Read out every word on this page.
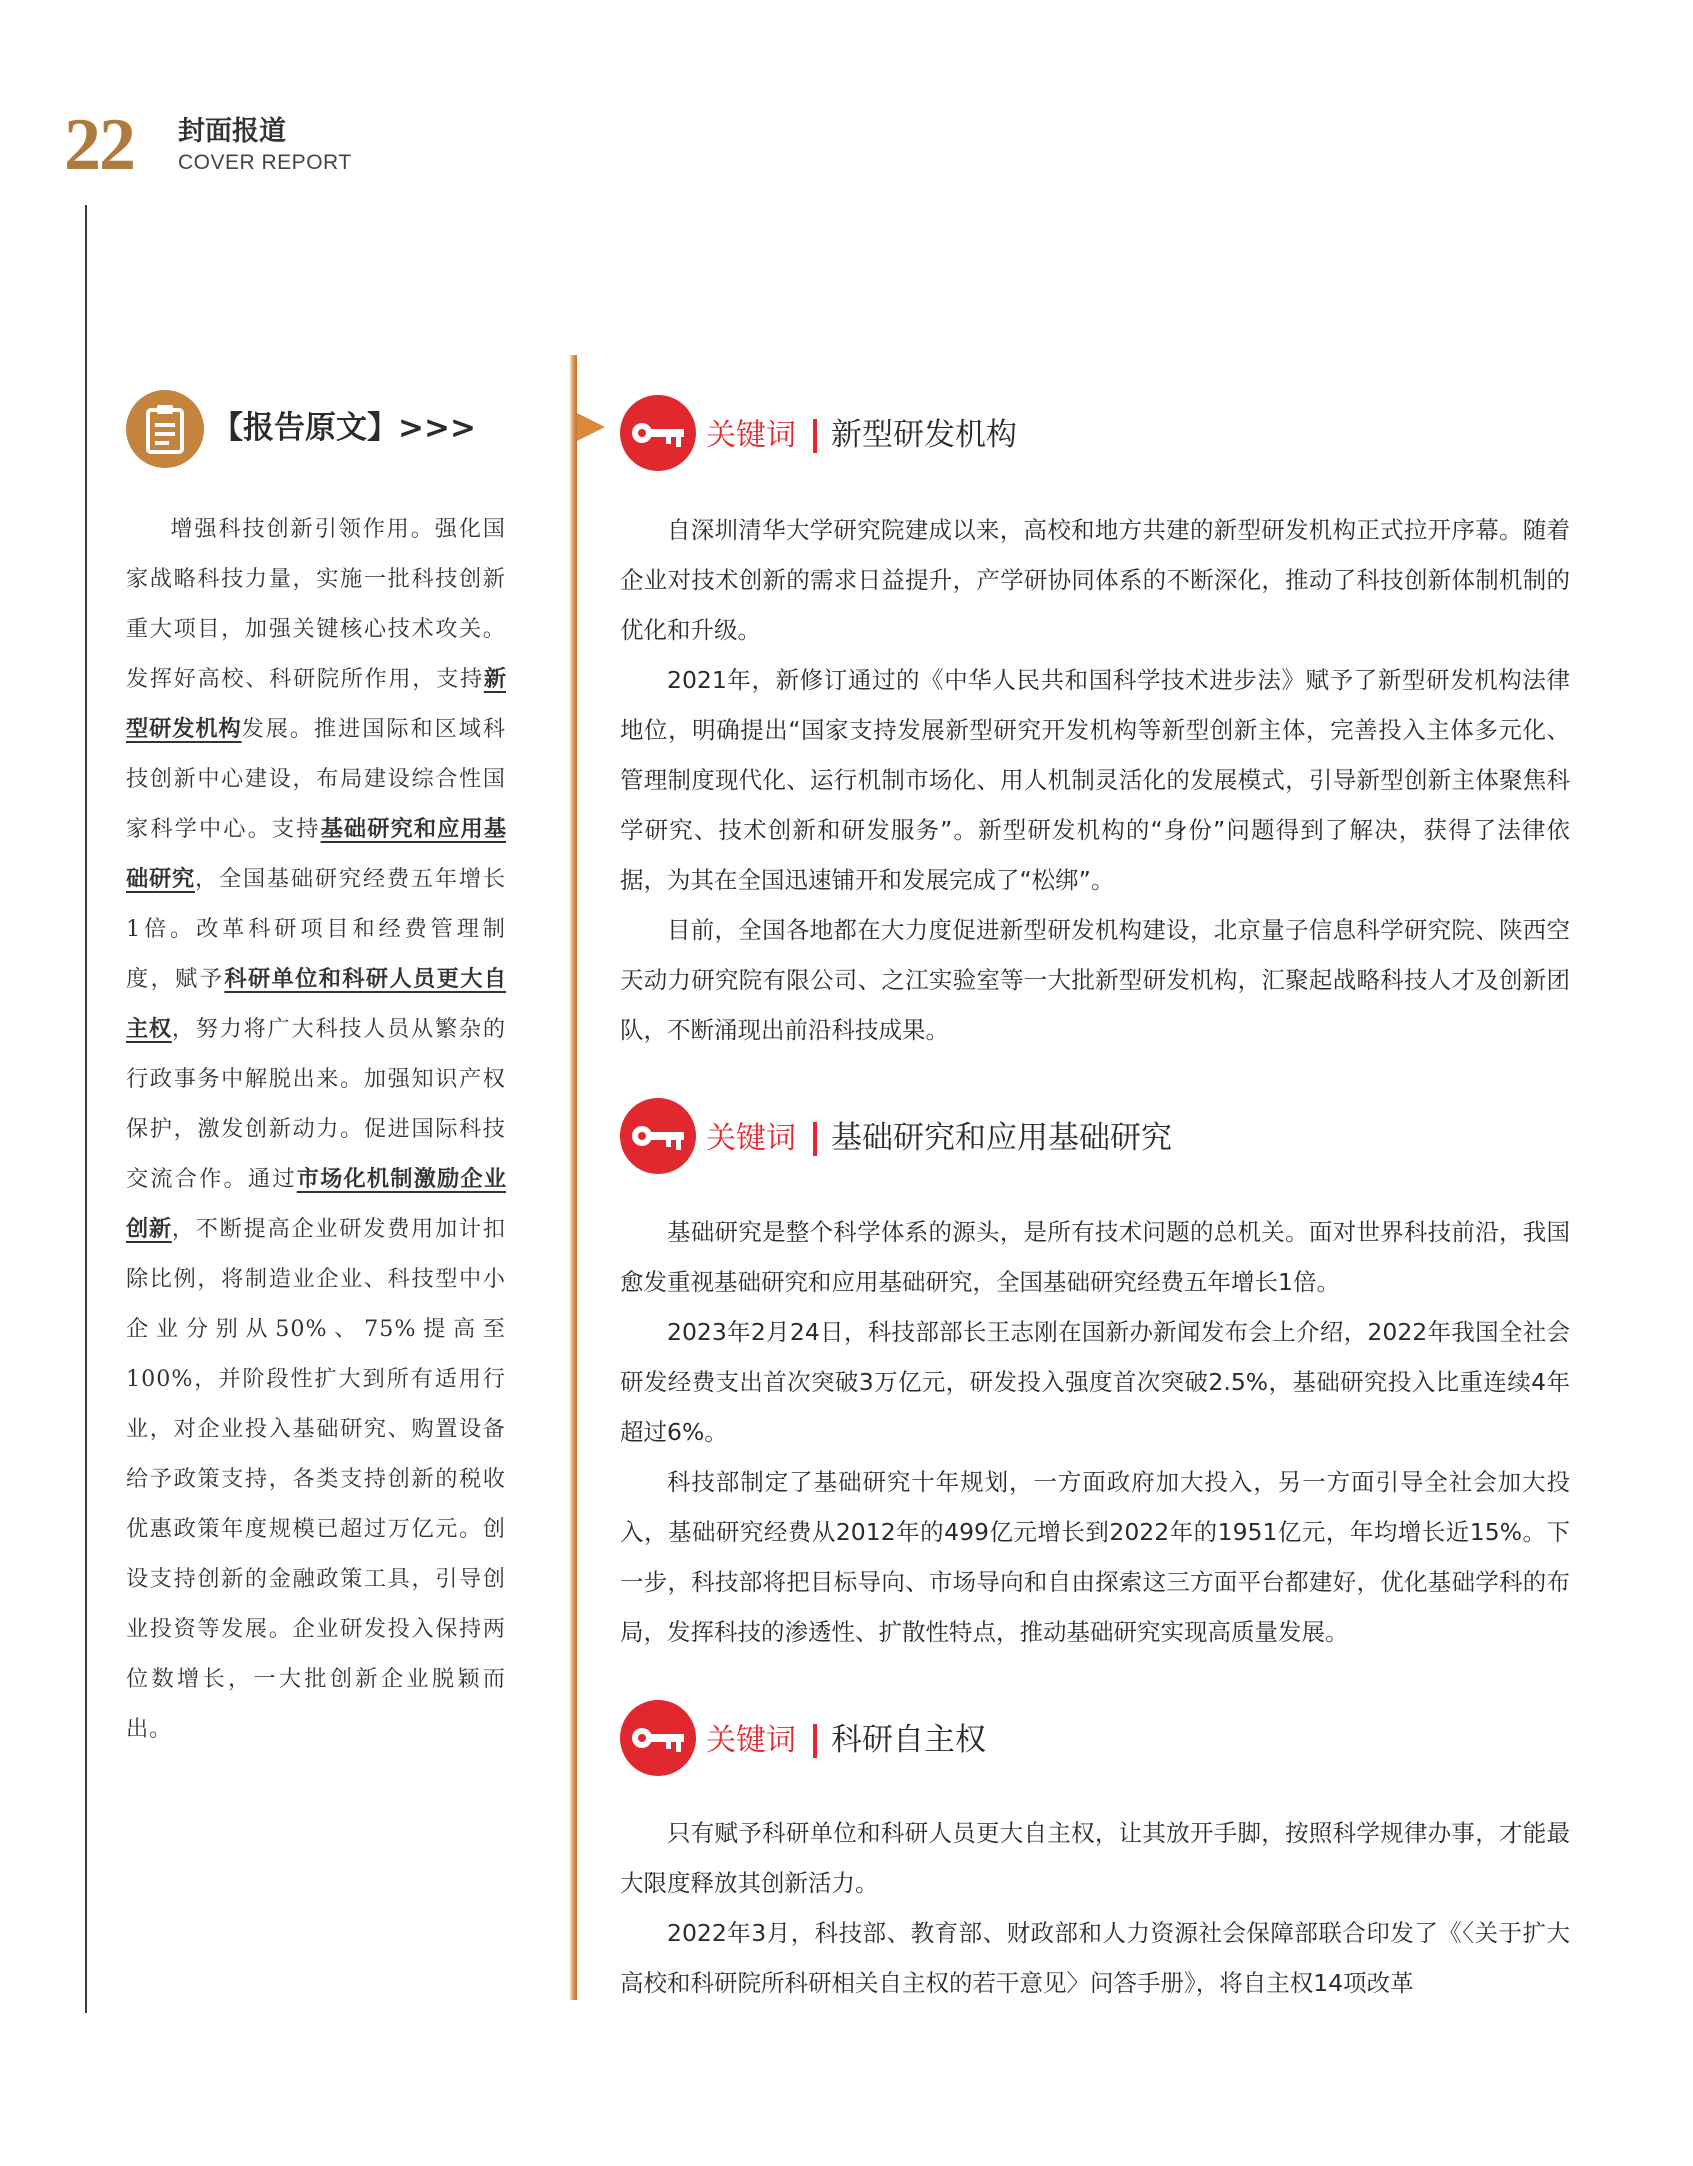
22 封面报道
COVER REPORT
【报告原文】>>>

增强科技创新引领作用。强化国家战略科技力量，实施一批科技创新重大项目，加强关键核心技术攻关。发挥好高校、科研院所作用，支持新型研发机构发展。推进国际和区域科技创新中心建设，布局建设综合性国家科学中心。支持基础研究和应用基础研究，全国基础研究经费五年增长1倍。改革科研项目和经费管理制度，赋予科研单位和科研人员更大自主权，努力将广大科技人员从繁杂的行政事务中解脱出来。加强知识产权保护，激发创新动力。促进国际科技交流合作。通过市场化机制激励企业创新，不断提高企业研发费用加计扣除比例，将制造业企业、科技型中小企业分别从50%、75%提高至100%，并阶段性扩大到所有适用行业，对企业投入基础研究、购置设备给予政策支持，各类支持创新的税收优惠政策年度规模已超过万亿元。创设支持创新的金融政策工具，引导创业投资等发展。企业研发投入保持两位数增长，一大批创新企业脱颖而出。

关键词 新型研发机构

自深圳清华大学研究院建成以来，高校和地方共建的新型研发机构正式拉开序幕。随着企业对技术创新的需求日益提升，产学研协同体系的不断深化，推动了科技创新体制机制的优化和升级。

2021年，新修订通过的《中华人民共和国科学技术进步法》赋予了新型研发机构法律地位，明确提出“国家支持发展新型研究开发机构等新型创新主体，完善投入主体多元化、管理制度现代化、运行机制市场化、用人机制灵活化的发展模式，引导新型创新主体聚焦科学研究、技术创新和研发服务”。新型研发机构的“身份”问题得到了解决，获得了法律依据，为其在全国迅速铺开和发展完成了“松绑”。

目前，全国各地都在大力度促进新型研发机构建设，北京量子信息科学研究院、陕西空天动力研究院有限公司、之江实验室等一大批新型研发机构，汇聚起战略科技人才及创新团队，不断涌现出前沿科技成果。

关键词 基础研究和应用基础研究

基础研究是整个科学体系的源头，是所有技术问题的总机关。面对世界科技前沿，我国愈发重视基础研究和应用基础研究，全国基础研究经费五年增长1倍。

2023年2月24日，科技部部长王志刚在国新办新闻发布会上介绍，2022年我国全社会研发经费支出首次突破3万亿元，研发投入强度首次突破2.5%，基础研究投入比重连续4年超过6%。

科技部制定了基础研究十年规划，一方面政府加大投入，另一方面引导全社会加大投入，基础研究经费从2012年的499亿元增长到2022年的1951亿元，年均增长近15%。下一步，科技部将把目标导向、市场导向和自由探索这三方面平台都建好，优化基础学科的布局，发挥科技的渗透性、扩散性特点，推动基础研究实现高质量发展。

关键词 科研自主权

只有赋予科研单位和科研人员更大自主权，让其放开手脚，按照科学规律办事，才能最大限度释放其创新活力。

2022年3月，科技部、教育部、财政部和人力资源社会保障部联合印发了《〈关于扩大高校和科研院所科研相关自主权的若干意见〉问答手册》，将自主权14项改革
